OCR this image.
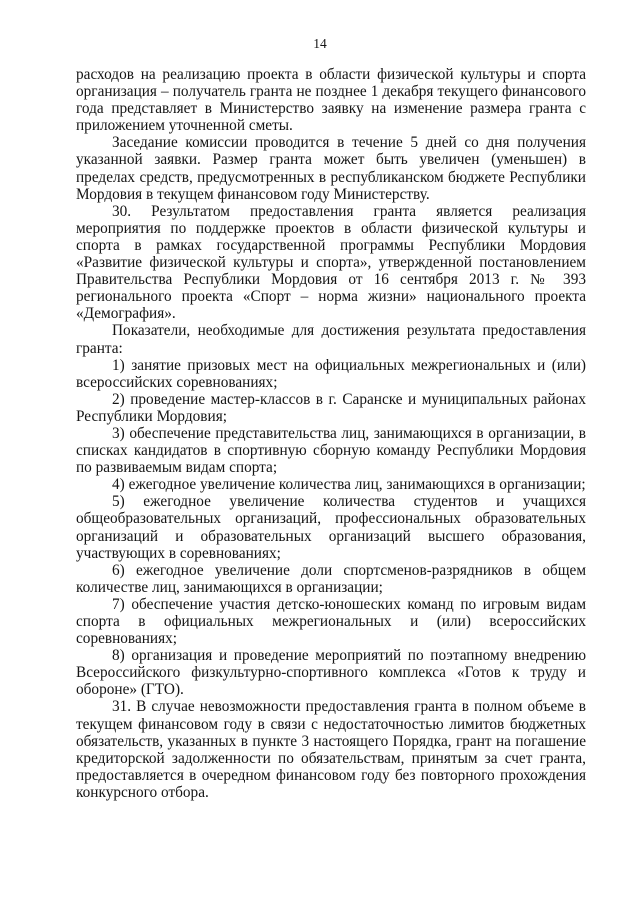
14

расходов на реализацию проекта в области физической культуры и спорта организация – получатель гранта не позднее 1 декабря текущего финансового года представляет в Министерство заявку на изменение размера гранта с приложением уточненной сметы.

Заседание комиссии проводится в течение 5 дней со дня получения указанной заявки. Размер гранта может быть увеличен (уменьшен) в пределах средств, предусмотренных в республиканском бюджете Республики Мордовия в текущем финансовом году Министерству.

30. Результатом предоставления гранта является реализация мероприятия по поддержке проектов в области физической культуры и спорта в рамках государственной программы Республики Мордовия «Развитие физической культуры и спорта», утвержденной постановлением Правительства Республики Мордовия от 16 сентября 2013 г. № 393 регионального проекта «Спорт – норма жизни» национального проекта «Демография».

Показатели, необходимые для достижения результата предоставления гранта:

1) занятие призовых мест на официальных межрегиональных и (или) всероссийских соревнованиях;

2) проведение мастер-классов в г. Саранске и муниципальных районах Республики Мордовия;

3) обеспечение представительства лиц, занимающихся в организации, в списках кандидатов в спортивную сборную команду Республики Мордовия по развиваемым видам спорта;

4) ежегодное увеличение количества лиц, занимающихся в организации;

5) ежегодное увеличение количества студентов и учащихся общеобразовательных организаций, профессиональных образовательных организаций и образовательных организаций высшего образования, участвующих в соревнованиях;

6) ежегодное увеличение доли спортсменов-разрядников в общем количестве лиц, занимающихся в организации;

7) обеспечение участия детско-юношеских команд по игровым видам спорта в официальных межрегиональных и (или) всероссийских соревнованиях;

8) организация и проведение мероприятий по поэтапному внедрению Всероссийского физкультурно-спортивного комплекса «Готов к труду и обороне» (ГТО).

31. В случае невозможности предоставления гранта в полном объеме в текущем финансовом году в связи с недостаточностью лимитов бюджетных обязательств, указанных в пункте 3 настоящего Порядка, грант на погашение кредиторской задолженности по обязательствам, принятым за счет гранта, предоставляется в очередном финансовом году без повторного прохождения конкурсного отбора.
